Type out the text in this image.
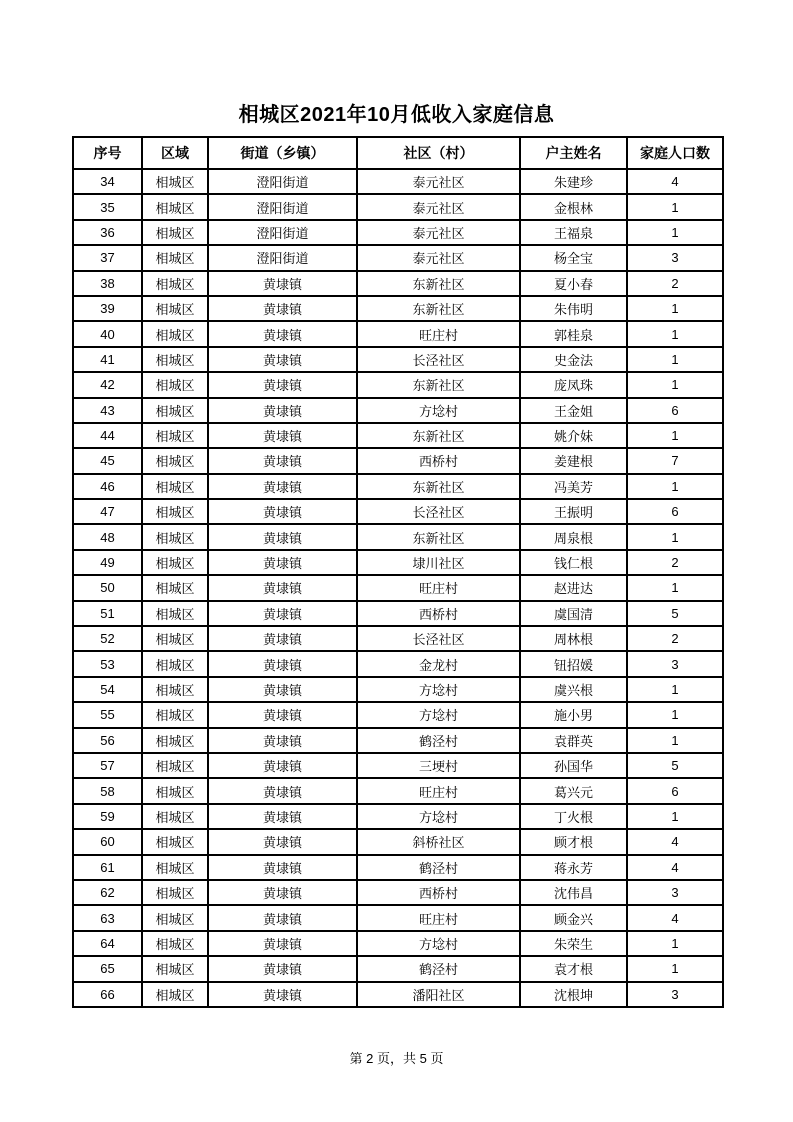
相城区2021年10月低收入家庭信息
序号	区域	街道（乡镇）	社区（村）	户主姓名	家庭人口数
34	相城区	澄阳街道	泰元社区	朱建珍	4
35	相城区	澄阳街道	泰元社区	金根林	1
36	相城区	澄阳街道	泰元社区	王福泉	1
37	相城区	澄阳街道	泰元社区	杨全宝	3
38	相城区	黄埭镇	东新社区	夏小春	2
39	相城区	黄埭镇	东新社区	朱伟明	1
40	相城区	黄埭镇	旺庄村	郭桂泉	1
41	相城区	黄埭镇	长泾社区	史金法	1
42	相城区	黄埭镇	东新社区	庞凤珠	1
43	相城区	黄埭镇	方埝村	王金姐	6
44	相城区	黄埭镇	东新社区	姚介妹	1
45	相城区	黄埭镇	西桥村	姜建根	7
46	相城区	黄埭镇	东新社区	冯美芳	1
47	相城区	黄埭镇	长泾社区	王振明	6
48	相城区	黄埭镇	东新社区	周泉根	1
49	相城区	黄埭镇	埭川社区	钱仁根	2
50	相城区	黄埭镇	旺庄村	赵进达	1
51	相城区	黄埭镇	西桥村	虞国清	5
52	相城区	黄埭镇	长泾社区	周林根	2
53	相城区	黄埭镇	金龙村	钮招媛	3
54	相城区	黄埭镇	方埝村	虞兴根	1
55	相城区	黄埭镇	方埝村	施小男	1
56	相城区	黄埭镇	鹤泾村	袁群英	1
57	相城区	黄埭镇	三埂村	孙国华	5
58	相城区	黄埭镇	旺庄村	葛兴元	6
59	相城区	黄埭镇	方埝村	丁火根	1
60	相城区	黄埭镇	斜桥社区	顾才根	4
61	相城区	黄埭镇	鹤泾村	蒋永芳	4
62	相城区	黄埭镇	西桥村	沈伟昌	3
63	相城区	黄埭镇	旺庄村	顾金兴	4
64	相城区	黄埭镇	方埝村	朱荣生	1
65	相城区	黄埭镇	鹤泾村	袁才根	1
66	相城区	黄埭镇	潘阳社区	沈根坤	3
第 2 页，共 5 页
